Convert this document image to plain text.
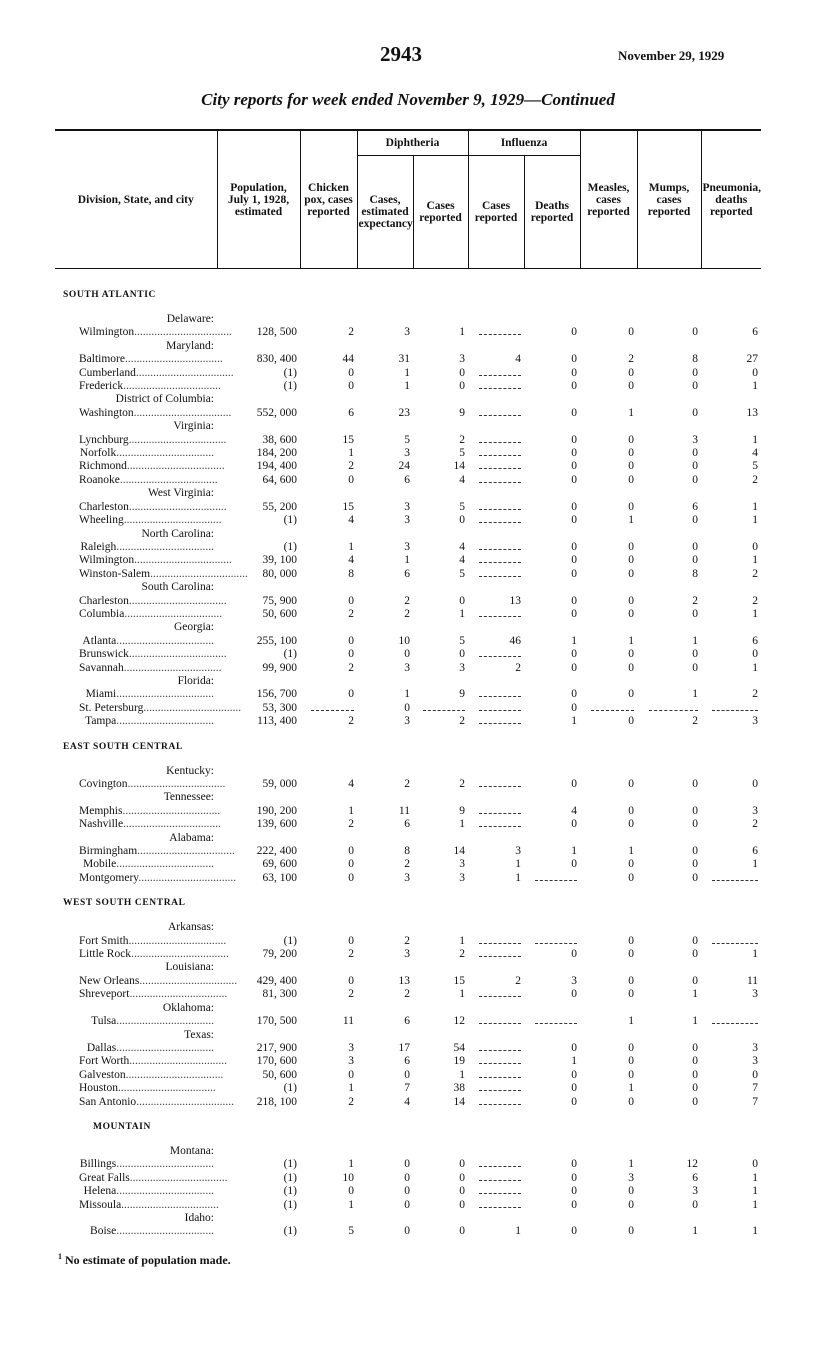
2943	November 29, 1929
City reports for week ended November 9, 1929—Continued
Division, State, and city	Population, July 1, 1928, estimated	Chicken pox, cases reported	Diphtheria		Influenza		Measles, cases reported	Mumps, cases reported	Pneumonia, deaths reported
			Cases, estimated expectancy	Cases reported	Cases reported	Deaths reported			

SOUTH ATLANTIC									
Delaware:									
Wilmington..................................	128, 500	2	3	1		0	0	0	6
Maryland:									
Baltimore..................................	830, 400	44	31	3	4	0	2	8	27
Cumberland..................................	(1)	0	1	0		0	0	0	0
Frederick..................................	(1)	0	1	0		0	0	0	1
District of Columbia:									
Washington..................................	552, 000	6	23	9		0	1	0	13
Virginia:									
Lynchburg..................................	38, 600	15	5	2		0	0	3	1
Norfolk..................................	184, 200	1	3	5		0	0	0	4
Richmond..................................	194, 400	2	24	14		0	0	0	5
Roanoke..................................	64, 600	0	6	4		0	0	0	2
West Virginia:									
Charleston..................................	55, 200	15	3	5		0	0	6	1
Wheeling..................................	(1)	4	3	0		0	1	0	1
North Carolina:									
Raleigh..................................	(1)	1	3	4		0	0	0	0
Wilmington..................................	39, 100	4	1	4		0	0	0	1
Winston-Salem..................................	80, 000	8	6	5		0	0	8	2
South Carolina:									
Charleston..................................	75, 900	0	2	0	13	0	0	2	2
Columbia..................................	50, 600	2	2	1		0	0	0	1
Georgia:									
Atlanta..................................	255, 100	0	10	5	46	1	1	1	6
Brunswick..................................	(1)	0	0	0		0	0	0	0
Savannah..................................	99, 900	2	3	3	2	0	0	0	1
Florida:									
Miami..................................	156, 700	0	1	9		0	0	1	2
St. Petersburg..................................	53, 300		0			0			
Tampa..................................	113, 400	2	3	2		1	0	2	3
EAST SOUTH CENTRAL									
Kentucky:									
Covington..................................	59, 000	4	2	2		0	0	0	0
Tennessee:									
Memphis..................................	190, 200	1	11	9		4	0	0	3
Nashville..................................	139, 600	2	6	1		0	0	0	2
Alabama:									
Birmingham..................................	222, 400	0	8	14	3	1	1	0	6
Mobile..................................	69, 600	0	2	3	1	0	0	0	1
Montgomery..................................	63, 100	0	3	3	1		0	0	
WEST SOUTH CENTRAL									
Arkansas:									
Fort Smith..................................	(1)	0	2	1			0	0	
Little Rock..................................	79, 200	2	3	2		0	0	0	1
Louisiana:									
New Orleans..................................	429, 400	0	13	15	2	3	0	0	11
Shreveport..................................	81, 300	2	2	1		0	0	1	3
Oklahoma:									
Tulsa..................................	170, 500	11	6	12			1	1	
Texas:									
Dallas..................................	217, 900	3	17	54		0	0	0	3
Fort Worth..................................	170, 600	3	6	19		1	0	0	3
Galveston..................................	50, 600	0	0	1		0	0	0	0
Houston..................................	(1)	1	7	38		0	1	0	7
San Antonio..................................	218, 100	2	4	14		0	0	0	7
MOUNTAIN									
Montana:									
Billings..................................	(1)	1	0	0		0	1	12	0
Great Falls..................................	(1)	10	0	0		0	3	6	1
Helena..................................	(1)	0	0	0		0	0	3	1
Missoula..................................	(1)	1	0	0		0	0	0	1
Idaho:									
Boise..................................	(1)	5	0	0	1	0	0	1	1
$^1$ No estimate of population made.
